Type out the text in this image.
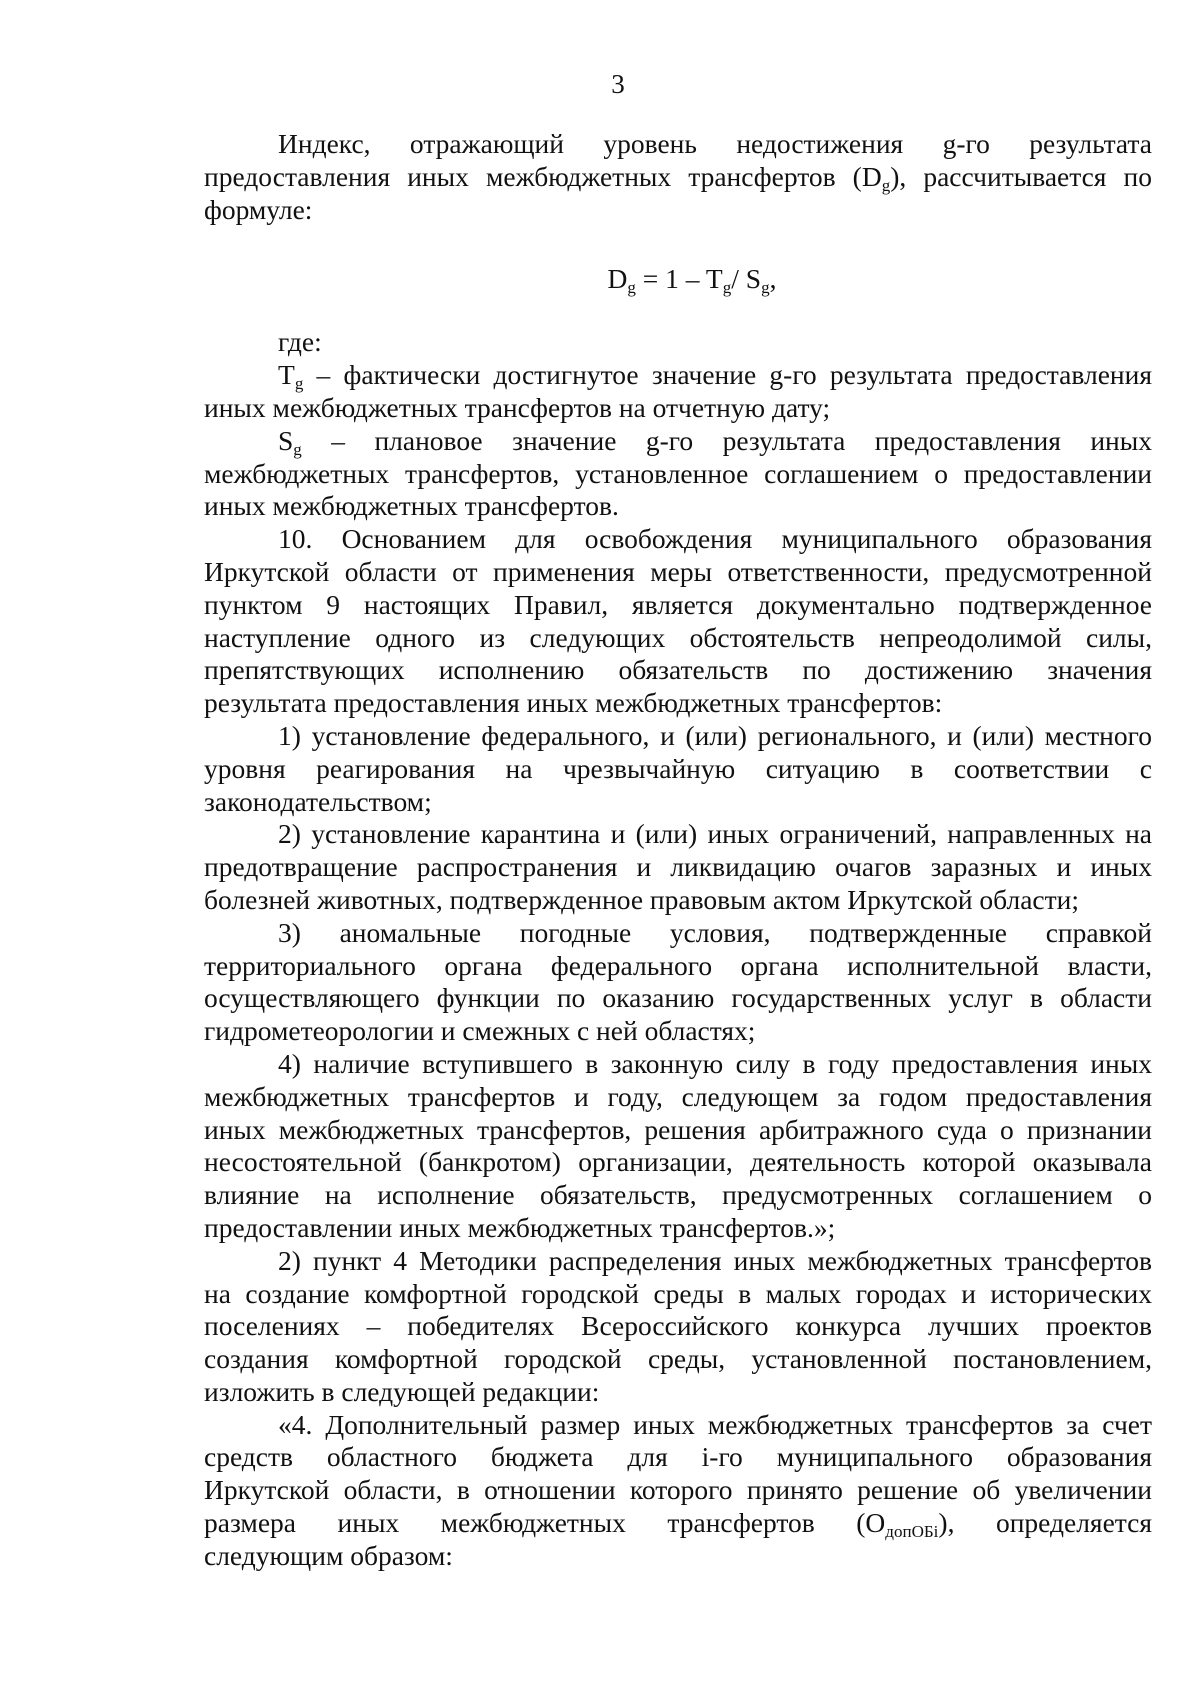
3
Индекс, отражающий уровень недостижения g-го результата
предоставления иных межбюджетных трансфертов $(D_g)$, рассчитывается по
формуле:
$D_g = 1 - T_g/$ $S_g$,
где:
$T_g$ – фактически достигнутое значение g-го результата предоставления
иных межбюджетных трансфертов на отчетную дату;
$S_g$ – плановое значение g-го результата предоставления иных
межбюджетных трансфертов, установленное соглашением о предоставлении
иных межбюджетных трансфертов.
10. Основанием для освобождения муниципального образования
Иркутской области от применения меры ответственности, предусмотренной
пунктом 9 настоящих Правил, является документально подтвержденное
наступление одного из следующих обстоятельств непреодолимой силы,
препятствующих исполнению обязательств по достижению значения
результата предоставления иных межбюджетных трансфертов:
1) установление федерального, и (или) регионального, и (или) местного
уровня реагирования на чрезвычайную ситуацию в соответствии с
законодательством;
2) установление карантина и (или) иных ограничений, направленных на
предотвращение распространения и ликвидацию очагов заразных и иных
болезней животных, подтвержденное правовым актом Иркутской области;
3) аномальные погодные условия, подтвержденные справкой
территориального органа федерального органа исполнительной власти,
осуществляющего функции по оказанию государственных услуг в области
гидрометеорологии и смежных с ней областях;
4) наличие вступившего в законную силу в году предоставления иных
межбюджетных трансфертов и году, следующем за годом предоставления
иных межбюджетных трансфертов, решения арбитражного суда о признании
несостоятельной (банкротом) организации, деятельность которой оказывала
влияние на исполнение обязательств, предусмотренных соглашением о
предоставлении иных межбюджетных трансфертов.»;
2) пункт 4 Методики распределения иных межбюджетных трансфертов
на создание комфортной городской среды в малых городах и исторических
поселениях – победителях Всероссийского конкурса лучших проектов
создания комфортной городской среды, установленной постановлением,
изложить в следующей редакции:
«4. Дополнительный размер иных межбюджетных трансфертов за счет
средств областного бюджета для i-го муниципального образования
Иркутской области, в отношении которого принято решение об увеличении
размера иных межбюджетных трансфертов $(О_{допОБi})$, определяется
следующим образом:
